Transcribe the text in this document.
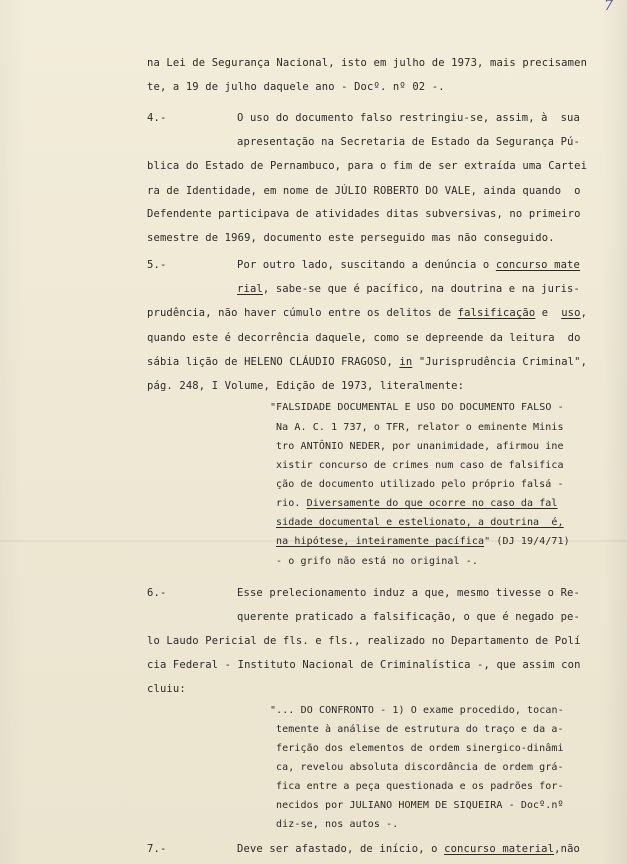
7
na Lei de Segurança Nacional, isto em julho de 1973, mais precisamen
te, a 19 de julho daquele ano - Docº. nº 02 -.
4.-	O uso do documento falso restringiu-se, assim, à  sua
apresentação na Secretaria de Estado da Segurança Pú-
blica do Estado de Pernambuco, para o fim de ser extraída uma Cartei
ra de Identidade, em nome de JÚLIO ROBERTO DO VALE, ainda quando  o
Defendente participava de atividades ditas subversivas, no primeiro
semestre de 1969, documento este perseguido mas não conseguido.
5.-	Por outro lado, suscitando a denúncia o concurso mate
rial, sabe-se que é pacífico, na doutrina e na juris-
prudência, não haver cúmulo entre os delitos de falsificação e  uso,
quando este é decorrência daquele, como se depreende da leitura  do
sábia lição de HELENO CLÁUDIO FRAGOSO, in "Jurisprudência Criminal",
pág. 248, I Volume, Edição de 1973, literalmente:
"FALSIDADE DOCUMENTAL E USO DO DOCUMENTO FALSO -
Na A. C. 1 737, o TFR, relator o eminente Minis
tro ANTÔNIO NEDER, por unanimidade, afirmou ine
xistir concurso de crimes num caso de falsifica
ção de documento utilizado pelo próprio falsá -
rio. Diversamente do que ocorre no caso da fal
sidade documental e estelionato, a doutrina  é,
na hipótese, inteiramente pacífica" (DJ 19/4/71)
- o grifo não está no original -.
6.-	Esse prelecionamento induz a que, mesmo tivesse o Re-
querente praticado a falsificação, o que é negado pe-
lo Laudo Pericial de fls. e fls., realizado no Departamento de Polí
cia Federal - Instituto Nacional de Criminalística -, que assim con
cluiu:
"... DO CONFRONTO - 1) O exame procedido, tocan-
temente à análise de estrutura do traço e da a-
ferição dos elementos de ordem sinergico-dinâmi
ca, revelou absoluta discordância de ordem grá-
fica entre a peça questionada e os padrões for-
necidos por JULIANO HOMEM DE SIQUEIRA - Docº.nº
diz-se, nos autos -.
7.-	Deve ser afastado, de início, o concurso material,não
